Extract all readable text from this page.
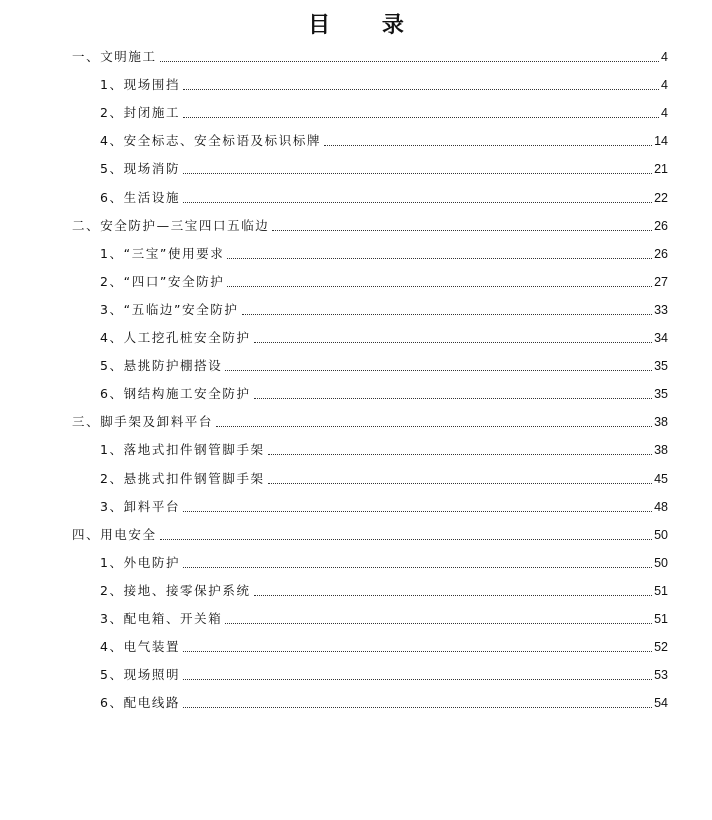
目 录
一、文明施工	4
1、现场围挡	4
2、封闭施工	4
4、安全标志、安全标语及标识标牌	14
5、现场消防	21
6、生活设施	22
二、安全防护—三宝四口五临边	26
1、“三宝”使用要求	26
2、“四口”安全防护	27
3、“五临边”安全防护	33
4、人工挖孔桩安全防护	34
5、悬挑防护棚搭设	35
6、钢结构施工安全防护	35
三、脚手架及卸料平台	38
1、落地式扣件钢管脚手架	38
2、悬挑式扣件钢管脚手架	45
3、卸料平台	48
四、用电安全	50
1、外电防护	50
2、接地、接零保护系统	51
3、配电箱、开关箱	51
4、电气装置	52
5、现场照明	53
6、配电线路	54
